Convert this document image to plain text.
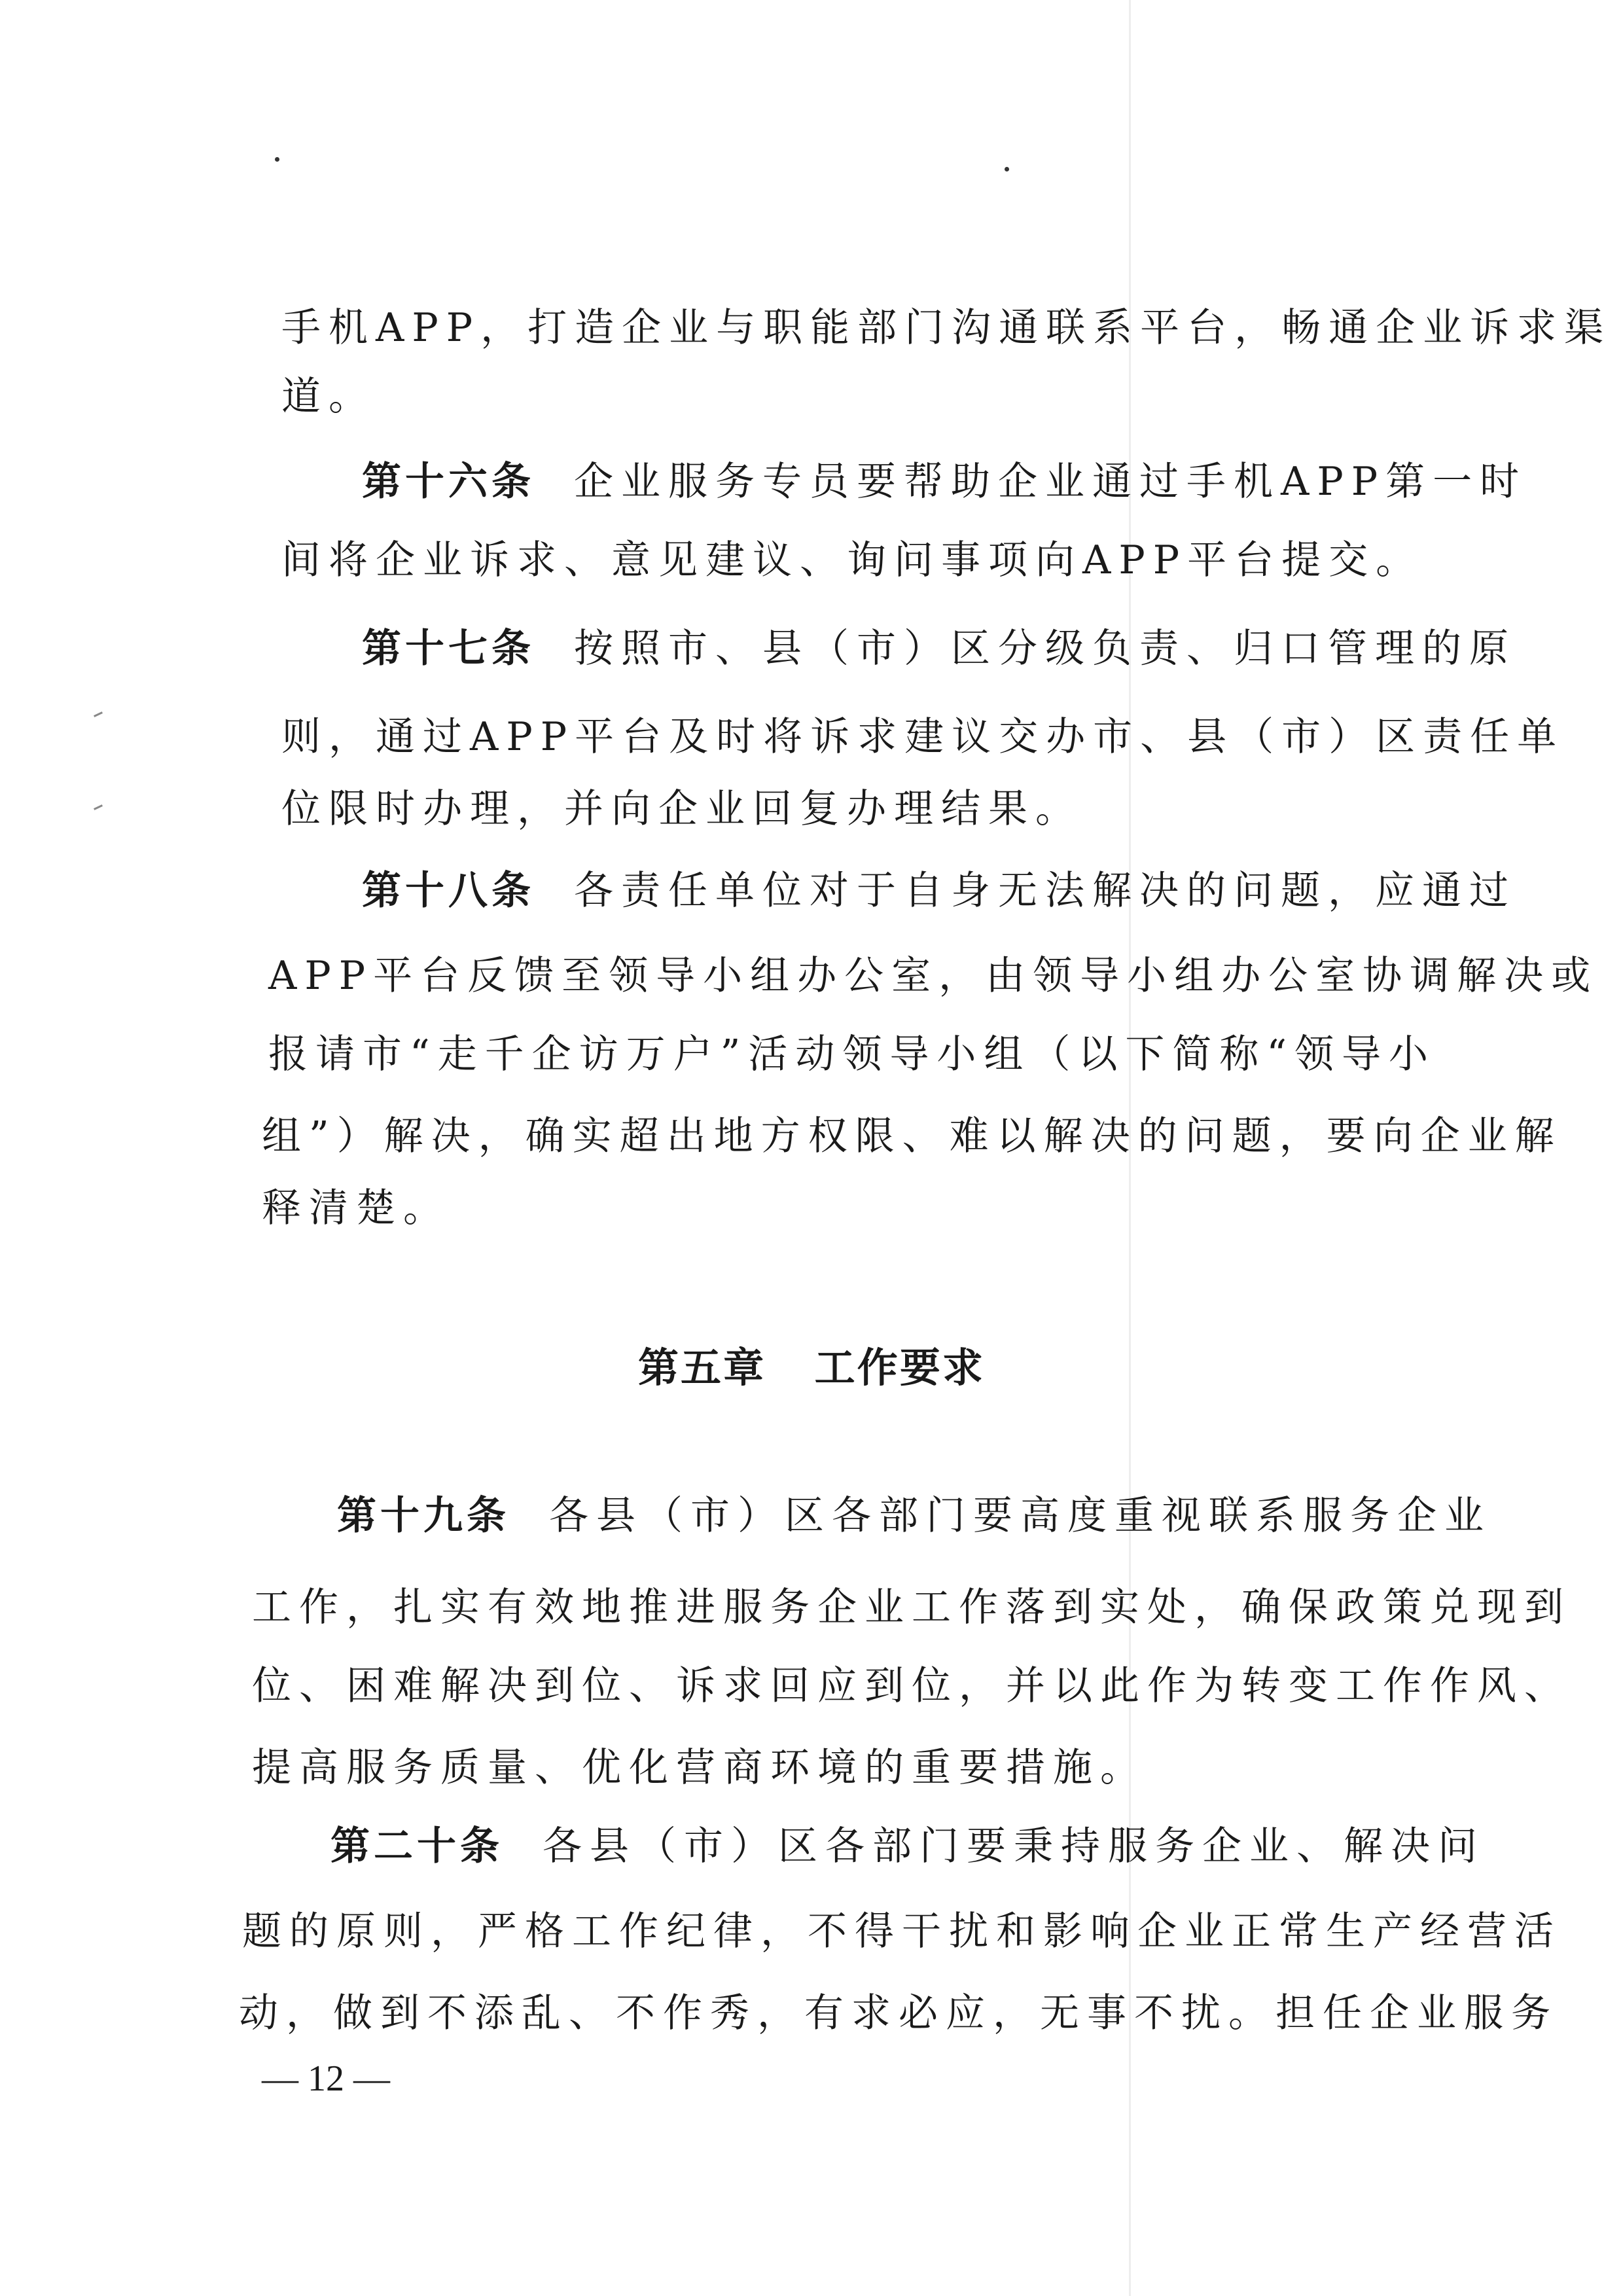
手机APP，打造企业与职能部门沟通联系平台，畅通企业诉求渠
道。
第十六条 企业服务专员要帮助企业通过手机APP第一时
间将企业诉求、意见建议、询问事项向APP平台提交。
第十七条 按照市、县（市）区分级负责、归口管理的原
则，通过APP平台及时将诉求建议交办市、县（市）区责任单
位限时办理，并向企业回复办理结果。
第十八条 各责任单位对于自身无法解决的问题，应通过
APP平台反馈至领导小组办公室，由领导小组办公室协调解决或
报请市“走千企访万户”活动领导小组（以下简称“领导小
组”）解决，确实超出地方权限、难以解决的问题，要向企业解
释清楚。
第五章 工作要求
第十九条 各县（市）区各部门要高度重视联系服务企业
工作，扎实有效地推进服务企业工作落到实处，确保政策兑现到
位、困难解决到位、诉求回应到位，并以此作为转变工作作风、
提高服务质量、优化营商环境的重要措施。
第二十条 各县（市）区各部门要秉持服务企业、解决问
题的原则，严格工作纪律，不得干扰和影响企业正常生产经营活
动，做到不添乱、不作秀，有求必应，无事不扰。担任企业服务
— 12 —
